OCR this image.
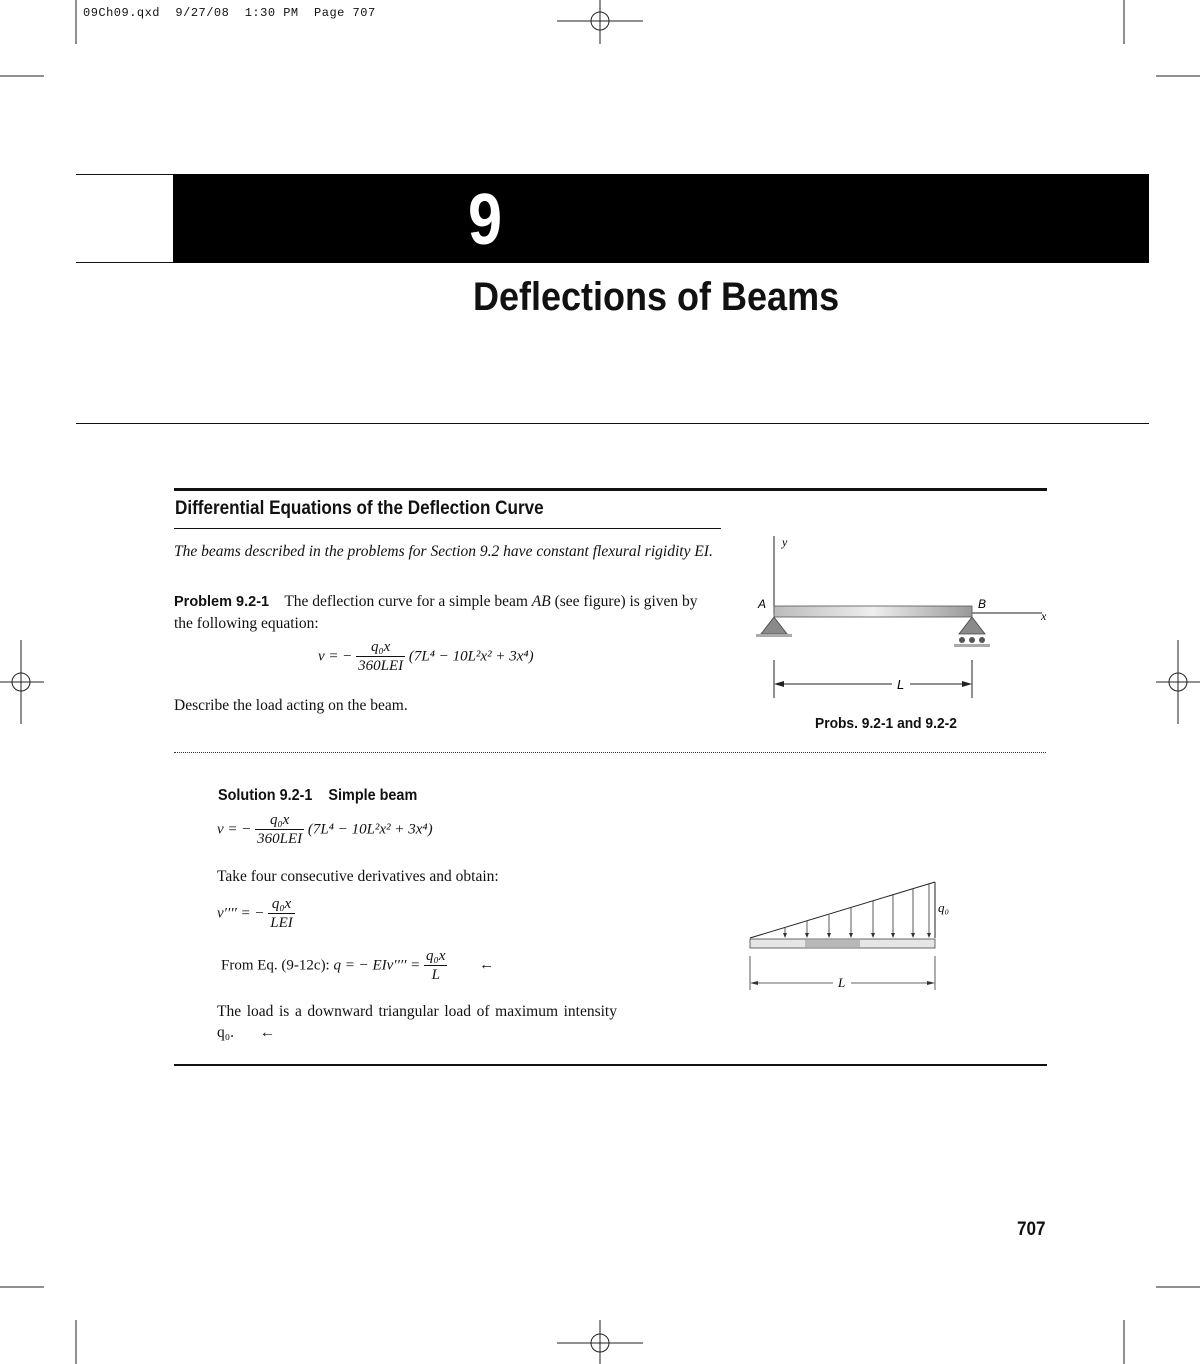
09Ch09.qxd  9/27/08  1:30 PM  Page 707
9
Deflections of Beams
Differential Equations of the Deflection Curve
The beams described in the problems for Section 9.2 have constant flexural rigidity EI.
Problem 9.2-1 The deflection curve for a simple beam AB (see figure) is given by the following equation:
v = − $\frac{\text{q₀x}}{\text{360LEI}} (7L^4 - 10L^2x^2 + 3x^4)$
Describe the load acting on the beam.
y
x
A	B
L
Probs. 9.2-1 and 9.2-2
Solution 9.2-1    Simple beam
v = − $\frac{\text{q₀x}}{\text{360LEI}} (7L^4 - 10L^2x^2 + 3x^4)$
Take four consecutive derivatives and obtain:
v′′′′ = − $\frac{\text{q₀x}}{\text{LEI}}$
From Eq. (9-12c): q = − $EIv'''' = \frac{\text{q₀x}}{L}$ ←
The load is a downward triangular load of maximum intensity q₀. ←
q₀
L
707
